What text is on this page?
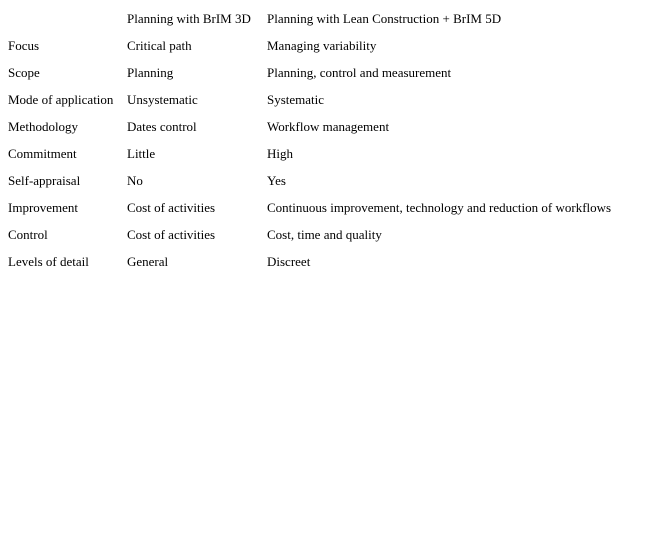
	Planning with BrIM 3D	Planning with Lean Construction + BrIM 5D
Focus	Critical path	Managing variability
Scope	Planning	Planning, control and measurement
Mode of application	Unsystematic	Systematic
Methodology	Dates control	Workflow management
Commitment	Little	High
Self-appraisal	No	Yes
Improvement	Cost of activities	Continuous improvement, technology and reduction of workflows
Control	Cost of activities	Cost, time and quality
Levels of detail	General	Discreet
